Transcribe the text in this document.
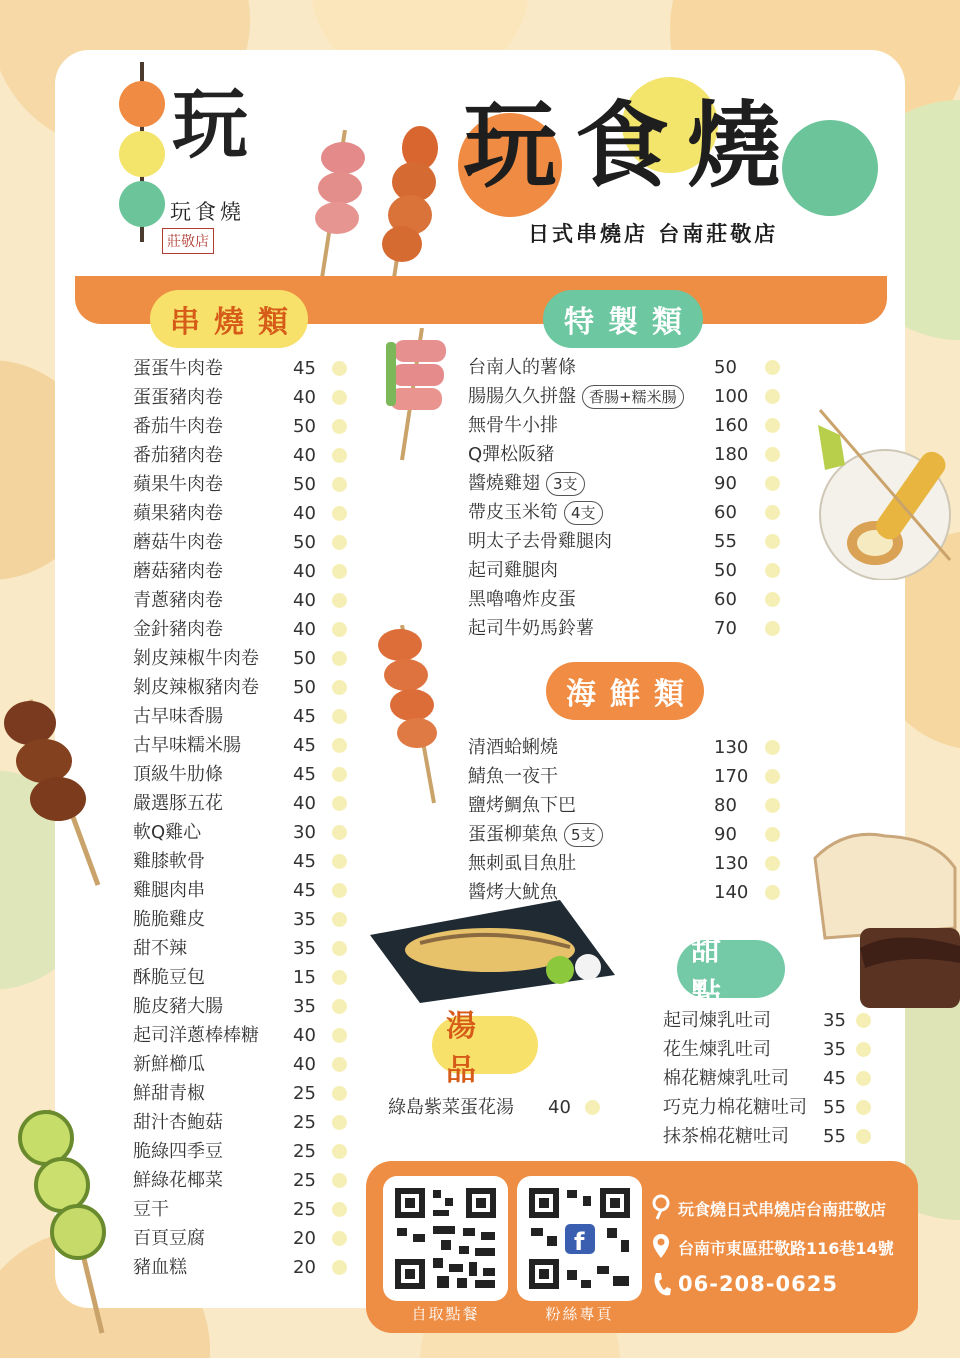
玩
玩食燒
莊敬店
玩食燒
日式串燒店 台南莊敬店
串燒類	特製類
海鮮類
湯品
甜點
蛋蛋牛肉卷	45
蛋蛋豬肉卷	40
番茄牛肉卷	50
番茄豬肉卷	40
蘋果牛肉卷	50
蘋果豬肉卷	40
蘑菇牛肉卷	50
蘑菇豬肉卷	40
青蔥豬肉卷	40
金針豬肉卷	40
剝皮辣椒牛肉卷 50
剝皮辣椒豬肉卷 50
古早味香腸	45
古早味糯米腸	45
頂級牛肋條	45
嚴選豚五花	40
軟Q雞心	30
雞膝軟骨	45
雞腿肉串	45
脆脆雞皮	35
甜不辣	35
酥脆豆包	15
脆皮豬大腸	35
起司洋蔥棒棒糖 40
新鮮櫛瓜	40
鮮甜青椒	25
甜汁杏鮑菇	25
脆綠四季豆	25
鮮綠花椰菜	25
豆干	25
百頁豆腐	20
豬血糕	20
台南人的薯條	50
腸腸久久拼盤 香腸+糯米腸	100
無骨牛小排	160
Q彈松阪豬	180
醬燒雞翅 3支	90
帶皮玉米筍 4支	60
明太子去骨雞腿肉	55
起司雞腿肉	50
黑嚕嚕炸皮蛋	60
起司牛奶馬鈴薯	70
清酒蛤蜊燒	130
鯖魚一夜干	170
鹽烤鯛魚下巴	80
蛋蛋柳葉魚 5支	90
無刺虱目魚肚	130
醬烤大魷魚	140
綠島紫菜蛋花湯 40
起司煉乳吐司	35
花生煉乳吐司	35
棉花糖煉乳吐司 45
巧克力棉花糖吐司 55
抹茶棉花糖吐司 55
f
自取點餐	粉絲專頁
玩食燒日式串燒店台南莊敬店
台南市東區莊敬路116巷14號
06-208-0625
